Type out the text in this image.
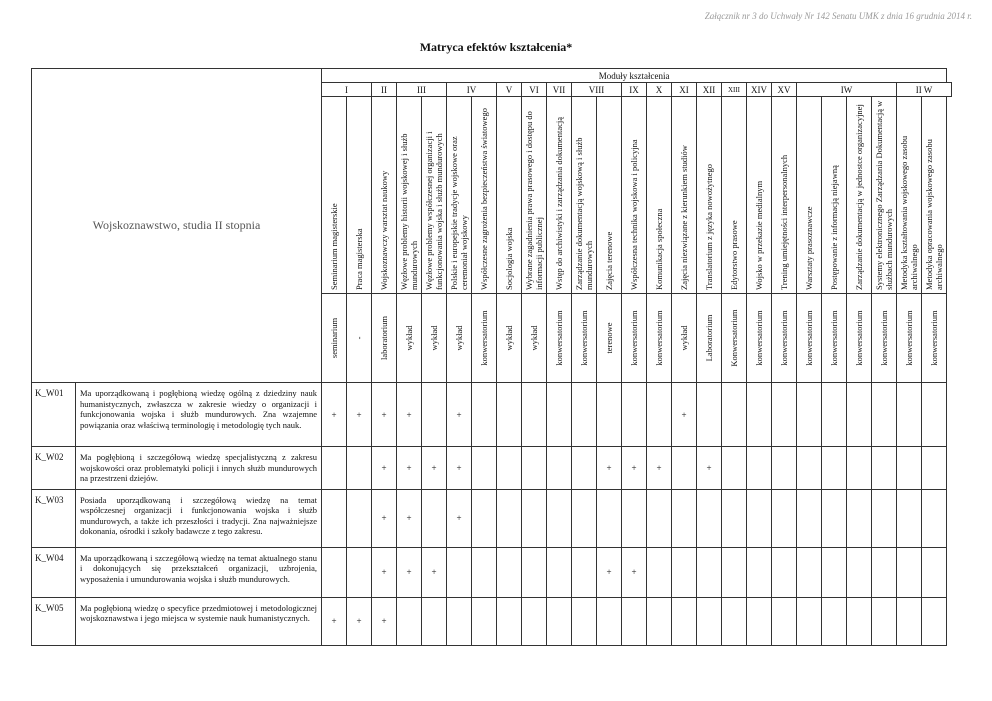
Załącznik nr 3 do Uchwały Nr 142 Senatu UMK z dnia 16 grudnia 2014 r.
Matryca efektów kształcenia*
Wojskoznawstwo, studia II stopnia		Moduły kształcenia																								
		I		II	III		IV		V	VI	VII	VIII		IX	X	XI	XII	XIII	XIV	XV	IW				II W	

		Seminarium magisterskie	Praca magisterska	Wojskoznawczy warsztat naukowy	Węzłowe problemy historii wojskowej i służb mundurowych	Węzłowe problemy współczesnej organizacji i funkcjonowania wojska i służb mundurowych	Polskie i europejskie tradycje wojskowe oraz ceremoniał wojskowy	Współczesne zagrożenia bezpieczeństwa światowego	Socjologia wojska	Wybrane zagadnienia prawa prasowego i dostępu do informacji publicznej	Wstęp do archiwistyki i zarządzania dokumentacją	Zarządzanie dokumentacją wojskową i służb mundurowych	Zajęcia terenowe	Współczesna technika wojskowa i policyjna	Komunikacja społeczna	Zajęcia niezwiązane z kierunkiem studiów	Translatorium z języka nowożytnego	Edytorstwo prasowe	Wojsko w przekazie medialnym	Trening umiejętności interpersonalnych	Warsztaty prasoznawcze	Postępowanie z informacją niejawną	Zarządzanie dokumentacją w jednostce organizacyjnej	Systemy elektronicznego Zarządzania Dokumentacją w służbach mundurowych	Metodyka kształtowania wojskowego zasobu archiwalnego	Metodyka opracowania wojskowego zasobu archiwalnego

		seminarium	-	laboratorium	wykład	wykład	wykład	konwersatorium	wykład	wykład	konwersatorium	konwersatorium	terenowe	konwersatorium	konwersatorium	wykład	Laboratorium	Konwersatorium	konwersatorium	konwersatorium	konwersatorium	konwersatorium	konwersatorium	konwersatorium	konwersatorium	konwersatorium

K_W01	Ma uporządkowaną i pogłębioną wiedzę ogólną z dziedziny nauk humanistycznych, zwłaszcza w zakresie wiedzy o organizacji i funkcjonowania wojska i służb mundurowych. Zna wzajemne powiązania oraz właściwą terminologię i metodologię tych nauk.	+	+	+	+		+									+										
K_W02	Ma pogłębioną i szczegółową wiedzę specjalistyczną z zakresu wojskowości oraz problematyki policji i innych służb mundurowych na przestrzeni dziejów.			+	+	+	+						+	+	+		+									
K_W03	Posiada uporządkowaną i szczegółową wiedzę na temat współczesnej organizacji i funkcjonowania wojska i służb mundurowych, a także ich przeszłości i tradycji. Zna najważniejsze dokonania, ośrodki i szkoły badawcze z tego zakresu.			+	+		+																			
K_W04	Ma uporządkowaną i szczegółową wiedzę na temat aktualnego stanu i dokonujących się przekształceń organizacji, uzbrojenia, wyposażenia i umundurowania wojska i służb mundurowych.			+	+	+							+	+												
K_W05	Ma pogłębioną wiedzę o specyfice przedmiotowej i metodologicznej wojskoznawstwa i jego miejsca w systemie nauk humanistycznych.	+	+	+																						
